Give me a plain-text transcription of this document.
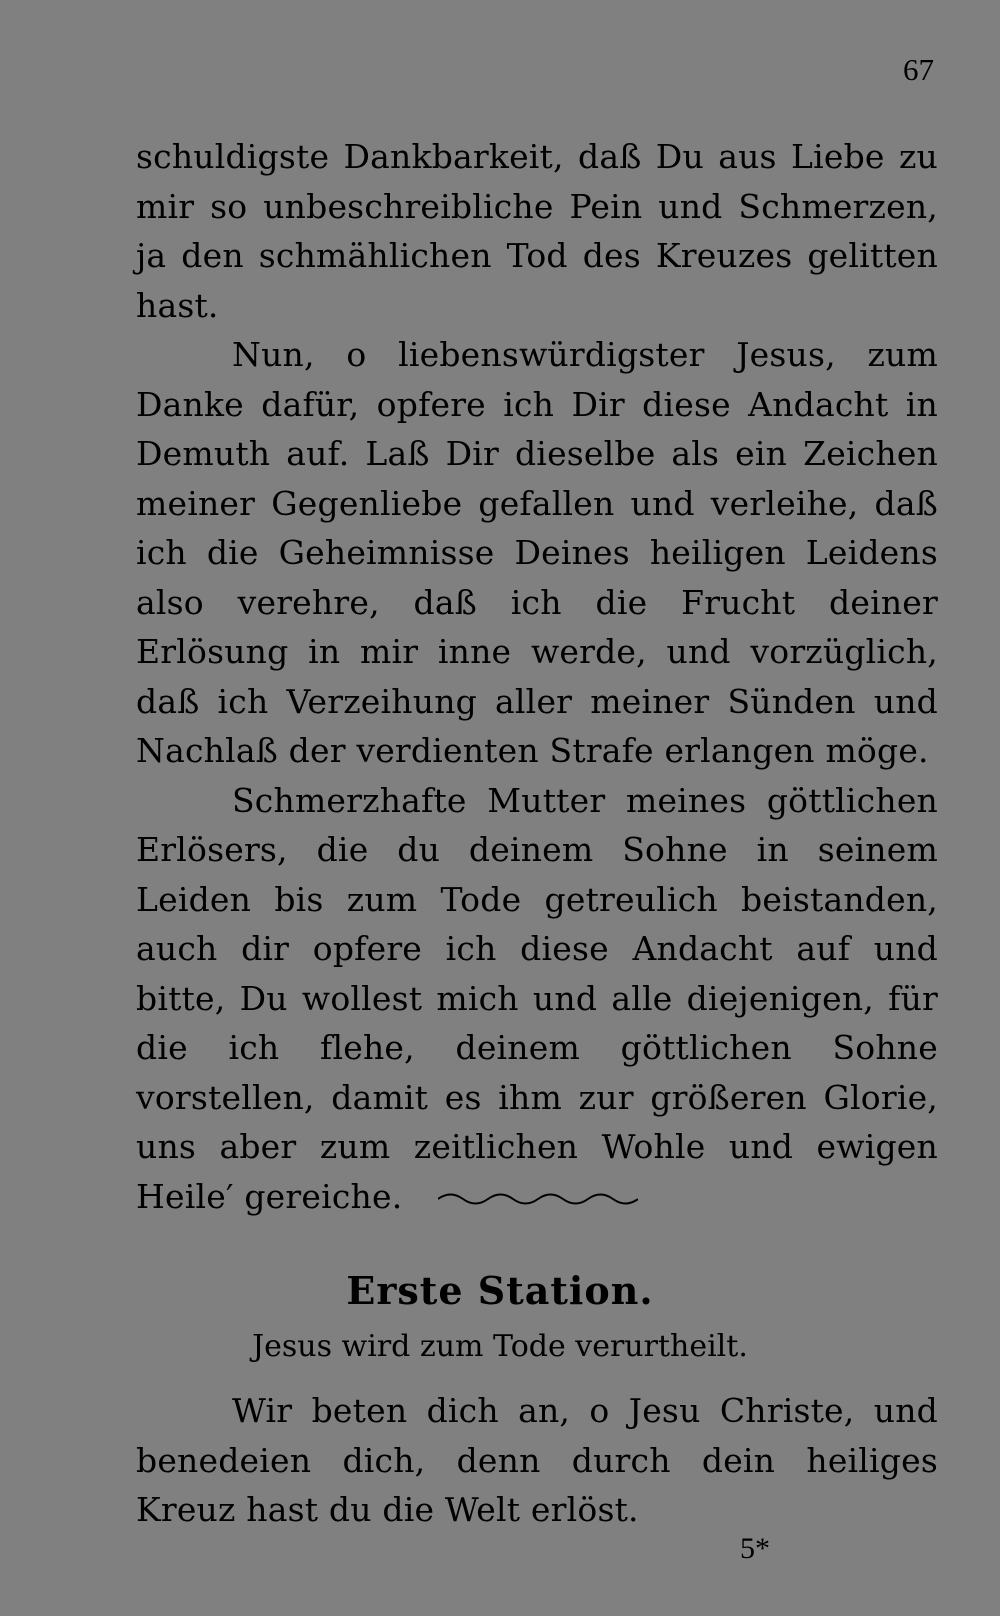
67

schuldigste Dankbarkeit, daß Du aus Liebe zu mir so unbeschreibliche Pein und Schmerzen, ja den schmählichen Tod des Kreuzes gelitten hast.

Nun, o liebenswürdigster Jesus, zum Danke dafür, opfere ich Dir diese Andacht in Demuth auf. Laß Dir dieselbe als ein Zeichen meiner Gegenliebe gefallen und verleihe, daß ich die Geheimnisse Deines heiligen Leidens also verehre, daß ich die Frucht deiner Erlösung in mir inne werde, und vorzüglich, daß ich Verzeihung aller meiner Sünden und Nachlaß der verdienten Strafe erlangen möge.

Schmerzhafte Mutter meines göttlichen Erlösers, die du deinem Sohne in seinem Leiden bis zum Tode getreulich beistanden, auch dir opfere ich diese Andacht auf und bitte, Du wollest mich und alle diejenigen, für die ich flehe, deinem göttlichen Sohne vorstellen, damit es ihm zur größeren Glorie, uns aber zum zeitlichen Wohle und ewigen Heile′ gereiche.

Erste Station.
Jesus wird zum Tode verurtheilt.

Wir beten dich an, o Jesu Christe, und benedeien dich, denn durch dein heiliges Kreuz hast du die Welt erlöst.

5*
